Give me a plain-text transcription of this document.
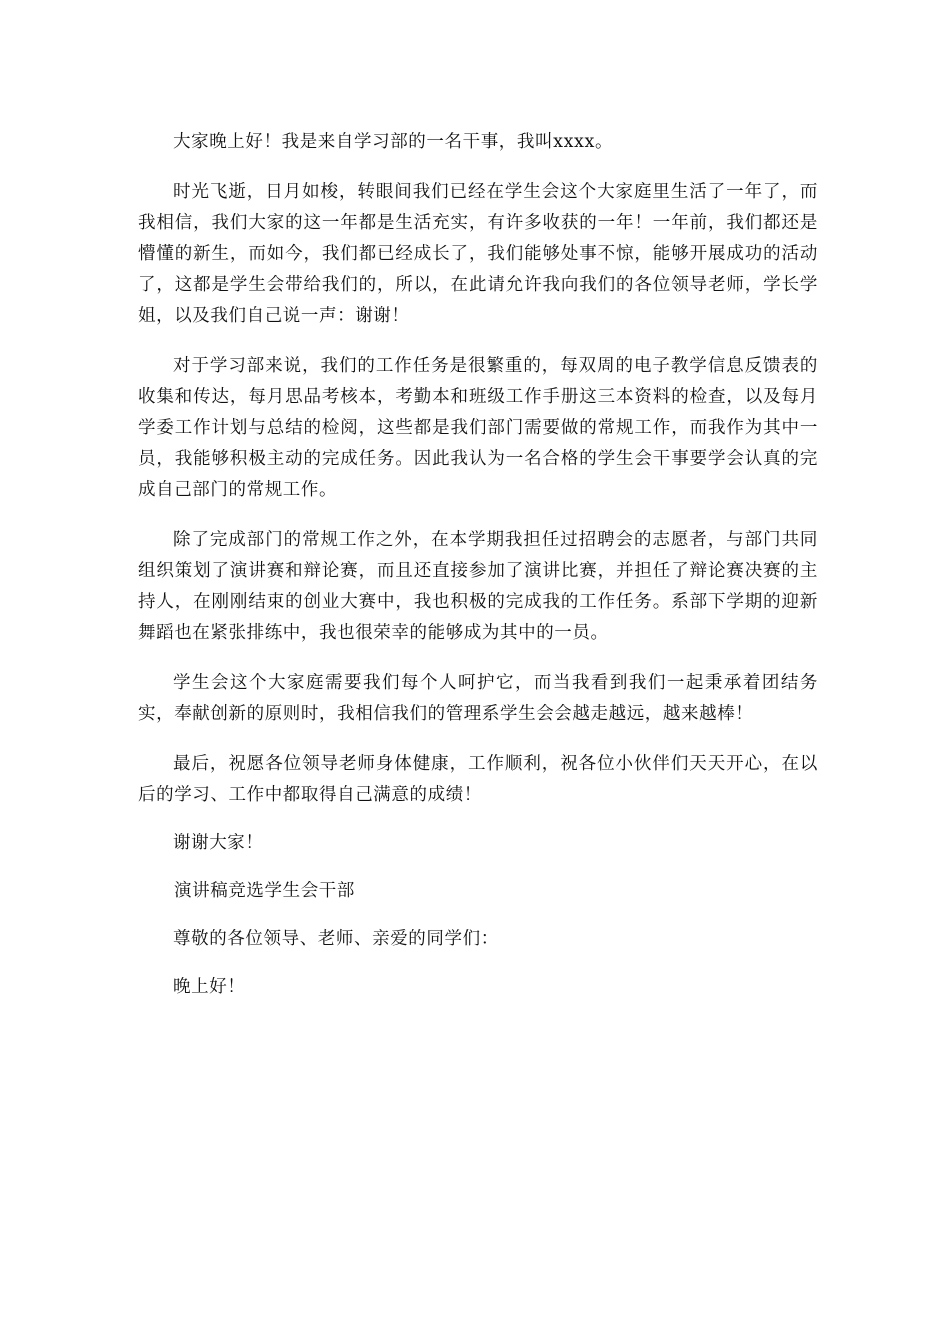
大家晚上好！我是来自学习部的一名干事，我叫xxxx。

时光飞逝，日月如梭，转眼间我们已经在学生会这个大家庭里生活了一年了，而我相信，我们大家的这一年都是生活充实，有许多收获的一年！一年前，我们都还是懵懂的新生，而如今，我们都已经成长了，我们能够处事不惊，能够开展成功的活动了，这都是学生会带给我们的，所以，在此请允许我向我们的各位领导老师，学长学姐，以及我们自己说一声：谢谢！

对于学习部来说，我们的工作任务是很繁重的，每双周的电子教学信息反馈表的收集和传达，每月思品考核本，考勤本和班级工作手册这三本资料的检查，以及每月学委工作计划与总结的检阅，这些都是我们部门需要做的常规工作，而我作为其中一员，我能够积极主动的完成任务。因此我认为一名合格的学生会干事要学会认真的完成自己部门的常规工作。

除了完成部门的常规工作之外，在本学期我担任过招聘会的志愿者，与部门共同组织策划了演讲赛和辩论赛，而且还直接参加了演讲比赛，并担任了辩论赛决赛的主持人，在刚刚结束的创业大赛中，我也积极的完成我的工作任务。系部下学期的迎新舞蹈也在紧张排练中，我也很荣幸的能够成为其中的一员。

学生会这个大家庭需要我们每个人呵护它，而当我看到我们一起秉承着团结务实，奉献创新的原则时，我相信我们的管理系学生会会越走越远，越来越棒！

最后，祝愿各位领导老师身体健康，工作顺利，祝各位小伙伴们天天开心，在以后的学习、工作中都取得自己满意的成绩！

谢谢大家！

演讲稿竞选学生会干部

尊敬的各位领导、老师、亲爱的同学们：

晚上好！
